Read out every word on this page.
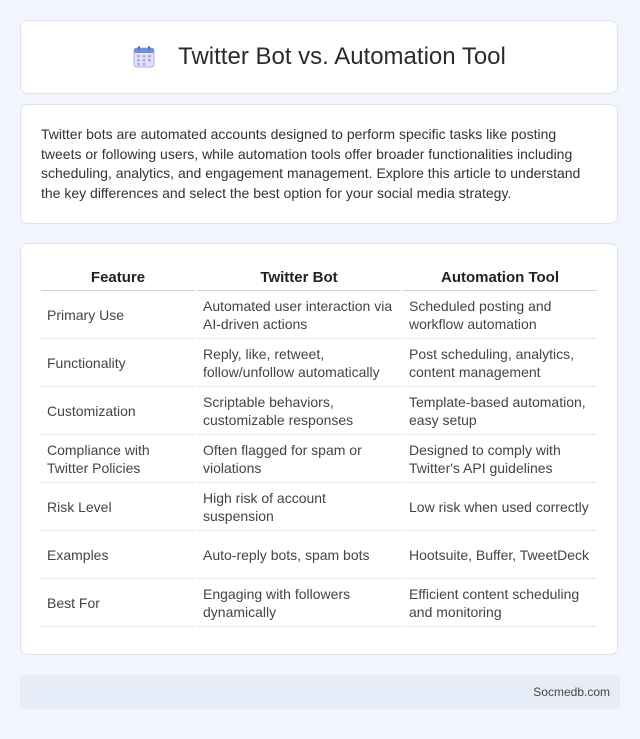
Twitter Bot vs. Automation Tool

Twitter bots are automated accounts designed to perform specific tasks like posting tweets or following users, while automation tools offer broader functionalities including scheduling, analytics, and engagement management. Explore this article to understand the key differences and select the best option for your social media strategy.

Feature	Twitter Bot	Automation Tool
Primary Use	Automated user interaction via AI-driven actions	Scheduled posting and workflow automation
Functionality	Reply, like, retweet, follow/unfollow automatically	Post scheduling, analytics, content management
Customization	Scriptable behaviors, customizable responses	Template-based automation, easy setup
Compliance with Twitter Policies	Often flagged for spam or violations	Designed to comply with Twitter's API guidelines
Risk Level	High risk of account suspension	Low risk when used correctly
Examples	Auto-reply bots, spam bots	Hootsuite, Buffer, TweetDeck
Best For	Engaging with followers dynamically	Efficient content scheduling and monitoring
Socmedb.com
